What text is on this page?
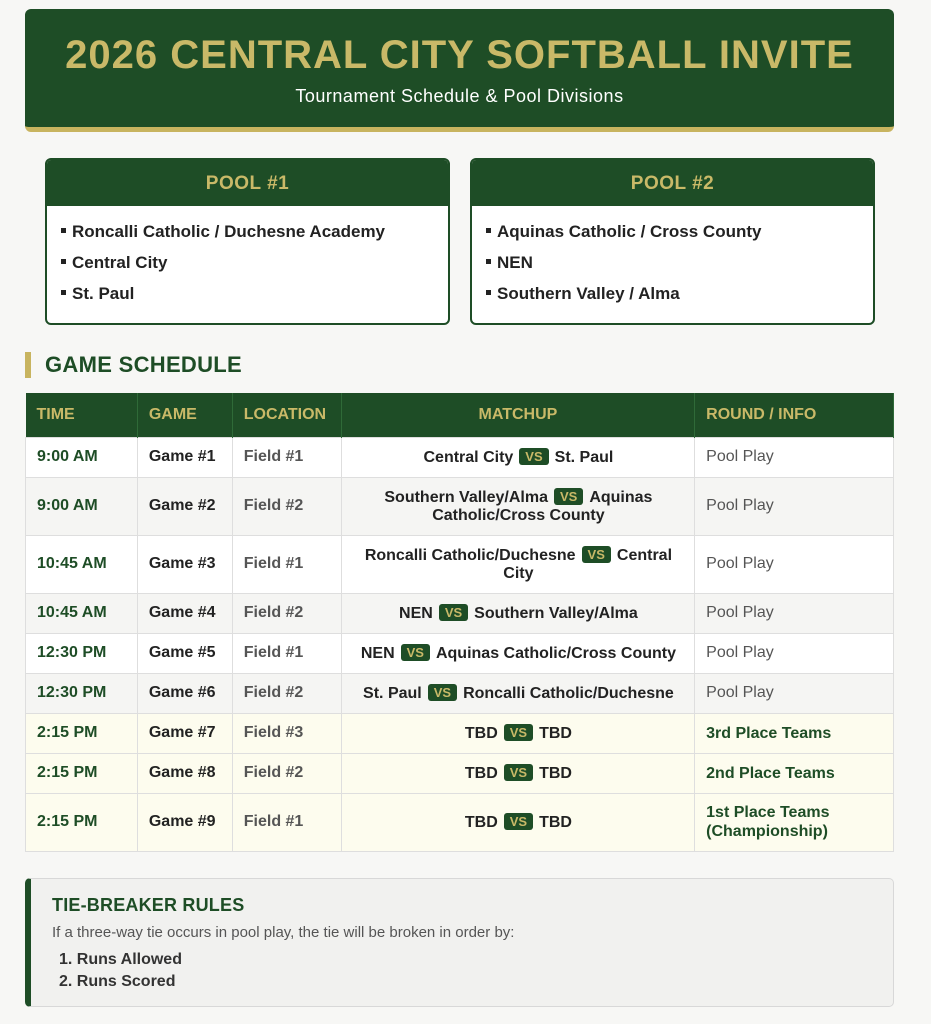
2026 CENTRAL CITY SOFTBALL INVITE
Tournament Schedule & Pool Divisions
POOL #1
Roncalli Catholic / Duchesne Academy
Central City
St. Paul
POOL #2
Aquinas Catholic / Cross County
NEN
Southern Valley / Alma
GAME SCHEDULE
TIME	GAME	LOCATION	MATCHUP	ROUND / INFO
9:00 AM	Game #1	Field #1	Central City VS St. Paul	Pool Play
9:00 AM	Game #2	Field #2	Southern Valley/Alma VS Aquinas Catholic/Cross County	Pool Play
10:45 AM	Game #3	Field #1	Roncalli Catholic/Duchesne VS Central City	Pool Play
10:45 AM	Game #4	Field #2	NEN VS Southern Valley/Alma	Pool Play
12:30 PM	Game #5	Field #1	NEN VS Aquinas Catholic/Cross County	Pool Play
12:30 PM	Game #6	Field #2	St. Paul VS Roncalli Catholic/Duchesne	Pool Play
2:15 PM	Game #7	Field #3	TBD VS TBD	3rd Place Teams
2:15 PM	Game #8	Field #2	TBD VS TBD	2nd Place Teams
2:15 PM	Game #9	Field #1	TBD VS TBD	1st Place Teams (Championship)
TIE-BREAKER RULES

If a three-way tie occurs in pool play, the tie will be broken in order by:

1. Runs Allowed
2. Runs Scored
